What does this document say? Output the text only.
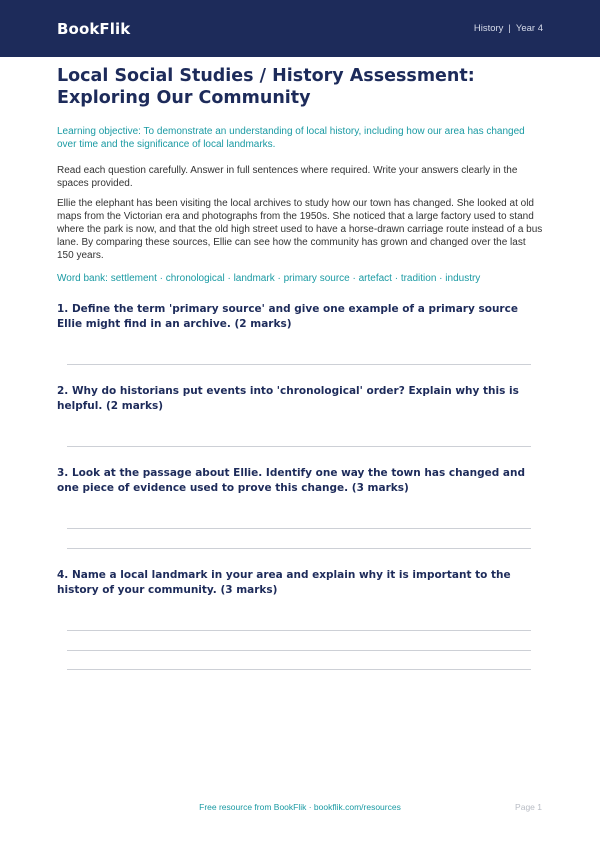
BookFlik	History | Year 4
Local Social Studies / History Assessment: Exploring Our Community

Learning objective: To demonstrate an understanding of local history, including how our area has changed over time and the significance of local landmarks.

Read each question carefully. Answer in full sentences where required. Write your answers clearly in the spaces provided.

Ellie the elephant has been visiting the local archives to study how our town has changed. She looked at old maps from the Victorian era and photographs from the 1950s. She noticed that a large factory used to stand where the park is now, and that the old high street used to have a horse-drawn carriage route instead of a bus lane. By comparing these sources, Ellie can see how the community has grown and changed over the last 150 years.

Word bank: settlement · chronological · landmark · primary source · artefact · tradition · industry

1. Define the term 'primary source' and give one example of a primary source Ellie might find in an archive. (2 marks)

2. Why do historians put events into 'chronological' order? Explain why this is helpful. (2 marks)

3. Look at the passage about Ellie. Identify one way the town has changed and one piece of evidence used to prove this change. (3 marks)

4. Name a local landmark in your area and explain why it is important to the history of your community. (3 marks)

Free resource from BookFlik · bookflik.com/resources	Page 1
